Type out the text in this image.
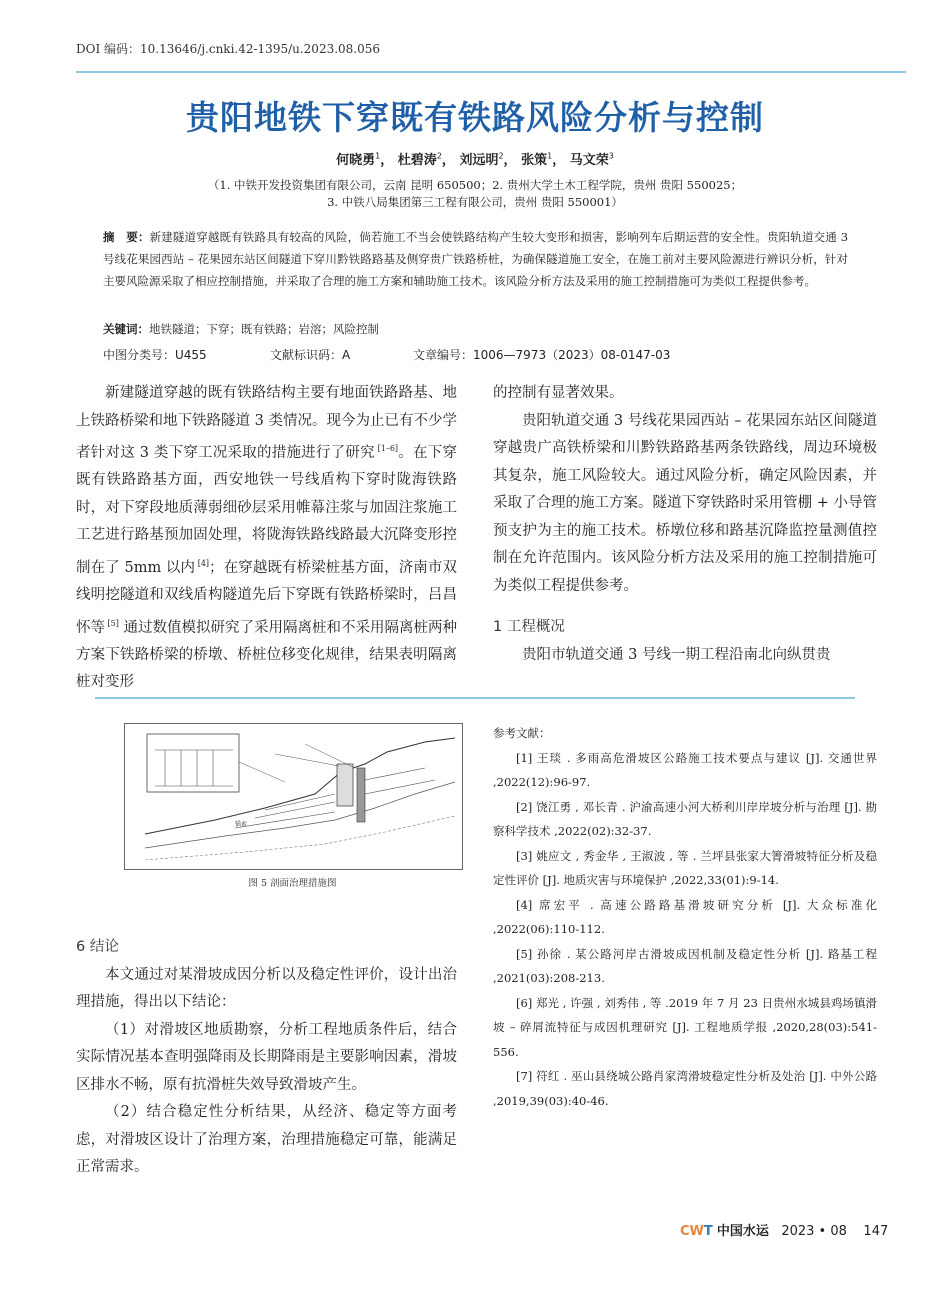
DOI 编码：10.13646/j.cnki.42-1395/u.2023.08.056
贵阳地铁下穿既有铁路风险分析与控制
何晓勇$^1$， 杜碧涛$^2$， 刘远明$^2$， 张策$^1$， 马文荣$^3$
（1. 中铁开发投资集团有限公司，云南 昆明 650500；2. 贵州大学土木工程学院，贵州 贵阳 550025；
3. 中铁八局集团第三工程有限公司，贵州 贵阳 550001）
摘　要：新建隧道穿越既有铁路具有较高的风险，倘若施工不当会使铁路结构产生较大变形和损害，影响列车后期运营的安全性。贵阳轨道交通 3 号线花果园西站 – 花果园东站区间隧道下穿川黔铁路路基及侧穿贵广铁路桥桩，为确保隧道施工安全，在施工前对主要风险源进行辨识分析，针对主要风险源采取了相应控制措施，并采取了合理的施工方案和辅助施工技术。该风险分析方法及采用的施工控制措施可为类似工程提供参考。
关键词：地铁隧道；下穿；既有铁路；岩溶；风险控制
中图分类号：U455	文献标识码：A	文章编号：1006—7973（2023）08-0147-03

新建隧道穿越的既有铁路结构主要有地面铁路路基、地上铁路桥梁和地下铁路隧道 3 类情况。现今为止已有不少学者针对这 3 类下穿工况采取的措施进行了研究 [1–6]。在下穿既有铁路路基方面，西安地铁一号线盾构下穿时陇海铁路时，对下穿段地质薄弱细砂层采用帷幕注浆与加固注浆施工工艺进行路基预加固处理，将陇海铁路线路最大沉降变形控制在了 5mm 以内 [4]；在穿越既有桥梁桩基方面，济南市双线明挖隧道和双线盾构隧道先后下穿既有铁路桥梁时，吕昌怀等 [5] 通过数值模拟研究了采用隔离桩和不采用隔离桩两种方案下铁路桥梁的桥墩、桥桩位移变化规律，结果表明隔离桩对变形

的控制有显著效果。

贵阳轨道交通 3 号线花果园西站 – 花果园东站区间隧道穿越贵广高铁桥梁和川黔铁路路基两条铁路线，周边环境极其复杂，施工风险较大。通过风险分析，确定风险因素，并采取了合理的施工方案。隧道下穿铁路时采用管棚 + 小导管预支护为主的施工技术。桥墩位移和路基沉降监控量测值控制在允许范围内。该风险分析方法及采用的施工控制措施可为类似工程提供参考。

1 工程概况

贵阳市轨道交通 3 号线一期工程沿南北向纵贯贵

锚索
图 5 剖面治理措施图

6 结论

本文通过对某滑坡成因分析以及稳定性评价，设计出治理措施，得出以下结论：

（1）对滑坡区地质勘察，分析工程地质条件后，结合实际情况基本查明强降雨及长期降雨是主要影响因素，滑坡区排水不畅，原有抗滑桩失效导致滑坡产生。

（2）结合稳定性分析结果，从经济、稳定等方面考虑，对滑坡区设计了治理方案，治理措施稳定可靠，能满足正常需求。

参考文献：

[1] 王琰 . 多雨高危滑坡区公路施工技术要点与建议 [J]. 交通世界 ,2022(12):96-97.

[2] 饶江勇 , 邓长青 . 沪渝高速小河大桥利川岸岸坡分析与治理 [J]. 勘察科学技术 ,2022(02):32-37.

[3] 姚应文 , 秀金华 , 王淑波 , 等 . 兰坪县张家大箐滑坡特征分析及稳定性评价 [J]. 地质灾害与环境保护 ,2022,33(01):9-14.

[4] 席宏平 . 高速公路路基滑坡研究分析 [J]. 大众标准化 ,2022(06):110-112.

[5] 孙徐 . 某公路河岸古滑坡成因机制及稳定性分析 [J]. 路基工程 ,2021(03):208-213.

[6] 郑光 , 许强 , 刘秀伟 , 等 .2019 年 7 月 23 日贵州水城县鸡场镇滑坡 – 碎屑流特征与成因机理研究 [J]. 工程地质学报 ,2020,28(03):541-556.

[7] 符红 . 巫山县绕城公路肖家湾滑坡稳定性分析及处治 [J]. 中外公路 ,2019,39(03):40-46.

CWT 中国水运 2023 • 08 147
